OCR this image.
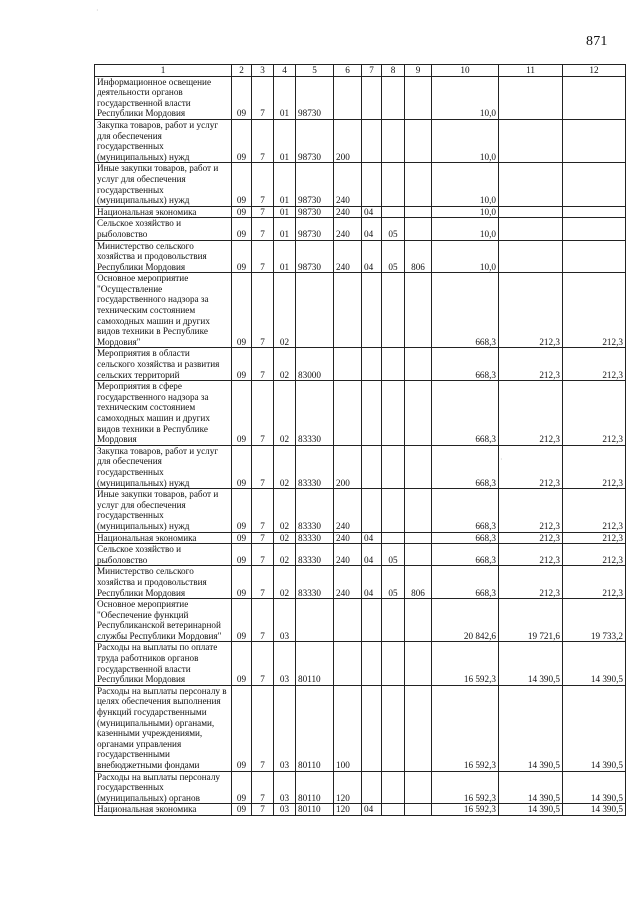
871
·
·
1	2	3	4	5	6	7	8	9	10	11	12
Информационное освещение деятельности органов государственной власти Республики Мордовия	09	7	01	98730					10,0		
Закупка товаров, работ и услуг для обеспечения государственных (муниципальных) нужд	09	7	01	98730	200				10,0		
Иные закупки товаров, работ и услуг для обеспечения государственных (муниципальных) нужд	09	7	01	98730	240				10,0		
Национальная экономика	09	7	01	98730	240	04			10,0		
Сельское хозяйство и рыболовство	09	7	01	98730	240	04	05		10,0		
Министерство сельского хозяйства и продовольствия Республики Мордовия	09	7	01	98730	240	04	05	806	10,0		
Основное мероприятие "Осуществление государственного надзора за техническим состоянием самоходных машин и других видов техники в Республике Мордовия"	09	7	02						668,3	212,3	212,3
Мероприятия в области сельского хозяйства и развития сельских территорий	09	7	02	83000					668,3	212,3	212,3
Мероприятия в сфере государственного надзора за техническим состоянием самоходных машин и других видов техники в Республике Мордовия	09	7	02	83330					668,3	212,3	212,3
Закупка товаров, работ и услуг для обеспечения государственных (муниципальных) нужд	09	7	02	83330	200				668,3	212,3	212,3
Иные закупки товаров, работ и услуг для обеспечения государственных (муниципальных) нужд	09	7	02	83330	240				668,3	212,3	212,3
Национальная экономика	09	7	02	83330	240	04			668,3	212,3	212,3
Сельское хозяйство и рыболовство	09	7	02	83330	240	04	05		668,3	212,3	212,3
Министерство сельского хозяйства и продовольствия Республики Мордовия	09	7	02	83330	240	04	05	806	668,3	212,3	212,3
Основное мероприятие "Обеспечение функций Республиканской ветеринарной службы Республики Мордовия"	09	7	03						20 842,6	19 721,6	19 733,2
Расходы на выплаты по оплате труда работников органов государственной власти Республики Мордовия	09	7	03	80110					16 592,3	14 390,5	14 390,5
Расходы на выплаты персоналу в целях обеспечения выполнения функций государственными (муниципальными) органами, казенными учреждениями, органами управления государственными внебюджетными фондами	09	7	03	80110	100				16 592,3	14 390,5	14 390,5
Расходы на выплаты персоналу государственных (муниципальных) органов	09	7	03	80110	120				16 592,3	14 390,5	14 390,5
Национальная экономика	09	7	03	80110	120	04			16 592,3	14 390,5	14 390,5
